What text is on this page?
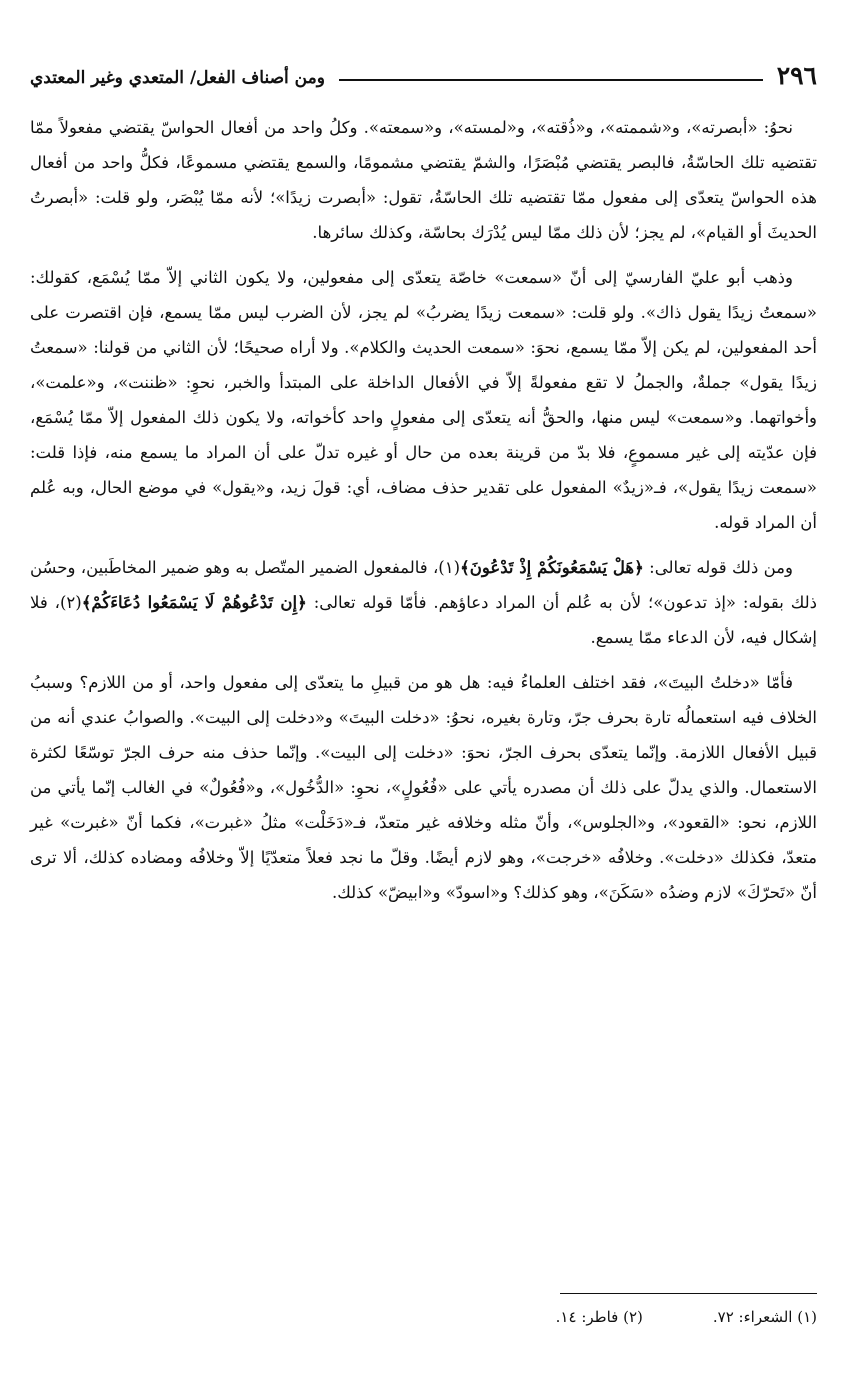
٢٩٦
ومن أصناف الفعل/ المتعدي وغير المعتدي

نحوُ: «أبصرته»، و«شممته»، و«ذُقته»، و«لمسته»، و«سمعته». وكلُ واحد من أفعال الحواسّ يقتضي مفعولاً ممّا تقتضيه تلك الحاسّةُ، فالبصر يقتضي مُبْصَرًا، والشمّ يقتضي مشمومًا، والسمع يقتضي مسموعًا، فكلُّ واحد من أفعال هذه الحواسّ يتعدّى إلى مفعول ممّا تقتضيه تلك الحاسّةُ، تقول: «أبصرت زيدًا»؛ لأنه ممّا يُبْصَر، ولو قلت: «أبصرتُ الحديثَ أو القيام»، لم يجز؛ لأن ذلك ممّا ليس يُدْرَك بحاسّة، وكذلك سائرها.

وذهب أبو عليّ الفارسيّ إلى أنّ «سمعت» خاصّة يتعدّى إلى مفعولين، ولا يكون الثاني إلاّ ممّا يُسْمَع، كقولك: «سمعتُ زيدًا يقول ذاك». ولو قلت: «سمعت زيدًا يضربُ» لم يجز، لأن الضرب ليس ممّا يسمع، فإن اقتصرت على أحد المفعولين، لم يكن إلاّ ممّا يسمع، نحوَ: «سمعت الحديث والكلام». ولا أراه صحيحًا؛ لأن الثاني من قولنا: «سمعتُ زيدًا يقول» جملةٌ، والجملُ لا تقع مفعولةً إلاّ في الأفعال الداخلة على المبتدأ والخبر، نحوِ: «ظننت»، و«علمت»، وأخواتهما. و«سمعت» ليس منها، والحقُّ أنه يتعدّى إلى مفعولٍ واحد كأخواته، ولا يكون ذلك المفعول إلاّ ممّا يُسْمَع، فإن عدّيته إلى غير مسموعٍ، فلا بدّ من قرينة بعده من حال أو غيره تدلّ على أن المراد ما يسمع منه، فإذا قلت: «سمعت زيدًا يقول»، فـ«زيدٌ» المفعول على تقدير حذف مضاف، أي: قولَ زيد، و«يقول» في موضع الحال، وبه عُلم أن المراد قوله.

ومن ذلك قوله تعالى: ﴿هَلْ يَسْمَعُونَكُمْ إِذْ تَدْعُونَ﴾(١)، فالمفعول الضمير المتّصل به وهو ضمير المخاطَبين، وحسُن ذلك بقوله: «إذ تدعون»؛ لأن به عُلم أن المراد دعاؤهم. فأمّا قوله تعالى: ﴿إِن تَدْعُوهُمْ لَا يَسْمَعُوا دُعَاءَكُمْ﴾(٢)، فلا إشكال فيه، لأن الدعاء ممّا يسمع.

فأمّا «دخلتُ البيتَ»، فقد اختلف العلماءُ فيه: هل هو من قبيلِ ما يتعدّى إلى مفعول واحد، أو من اللازم؟ وسببُ الخلاف فيه استعمالُه تارة بحرف جرّ، وتارة بغيره، نحوُ: «دخلت البيتَ» و«دخلت إلى البيت». والصوابُ عندي أنه من قبيل الأفعال اللازمة. وإنّما يتعدّى بحرف الجرّ، نحوَ: «دخلت إلى البيت». وإنّما حذف منه حرف الجرّ توسّعًا لكثرة الاستعمال. والذي يدلّ على ذلك أن مصدره يأتي على «فُعُولٍ»، نحوِ: «الدُّخُول»، و«فُعُولٌ» في الغالب إنّما يأتي من اللازم، نحو: «القعود»، و«الجلوس»، وأنّ مثله وخلافه غير متعدّ، فـ«دَخَلْت» مثلُ «غبرت»، فكما أنّ «غبرت» غير متعدّ، فكذلك «دخلت». وخلافُه «خرجت»، وهو لازم أيضًا. وقلّ ما نجد فعلاً متعدّيًا إلاّ وخلافُه ومضاده كذلك، ألا ترى أنّ «تَحرّكَ» لازم وضدُه «سَكَنَ»، وهو كذلك؟ و«اسودّ» و«ابيضّ» كذلك.

(١) الشعراء: ٧٢.
(٢) فاطر: ١٤.
